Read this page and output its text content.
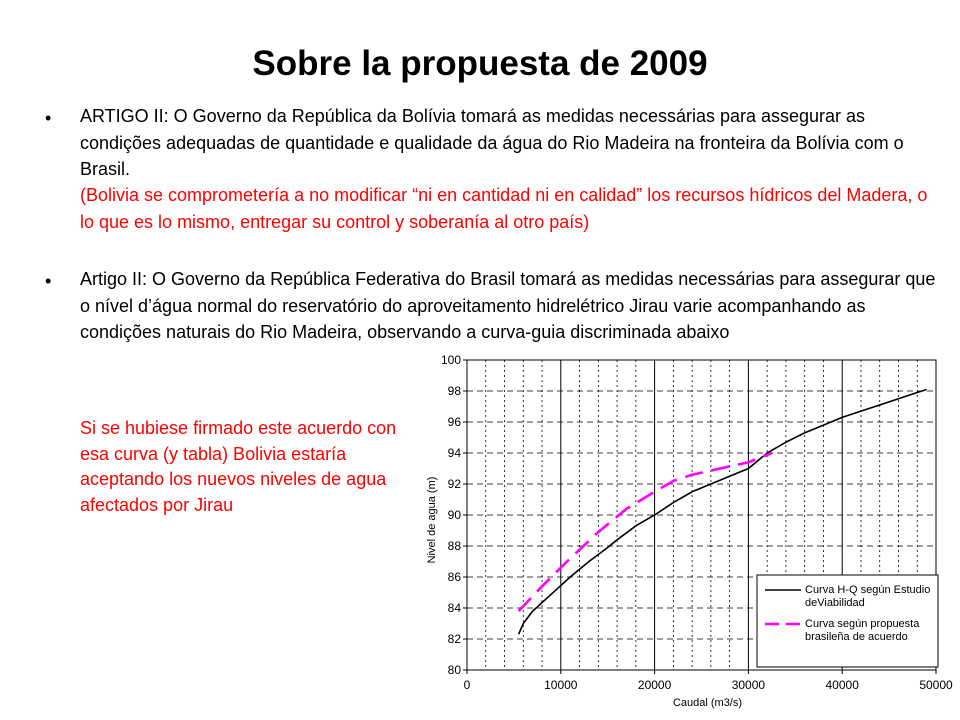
Sobre la propuesta de 2009
• ARTIGO II: O Governo da República da Bolívia tomará as medidas necessárias para assegurar as condições adequadas de quantidade e qualidade da água do Rio Madeira na fronteira da Bolívia com o Brasil.
(Bolivia se comprometería a no modificar “ni en cantidad ni en calidad” los recursos hídricos del Madera, o lo que es lo mismo, entregar su control y soberanía al otro país)
• Artigo II: O Governo da República Federativa do Brasil tomará as medidas necessárias para assegurar que o nível d’água normal do reservatório do aproveitamento hidrelétrico Jirau varie acompanhando as condições naturais do Rio Madeira, observando a curva-guia discriminada abaixo
Si se hubiese firmado este acuerdo con esa curva (y tabla) Bolivia estaría aceptando los nuevos niveles de agua afectados por Jirau
80
82
84
86
88
90
92
94
96
98
100
0	10000	20000	30000	40000	50000
Caudal (m3/s)
Nivel de agua (m)
Curva H-Q según Estudio deViabilidad
Curva según propuesta brasileña de acuerdo
